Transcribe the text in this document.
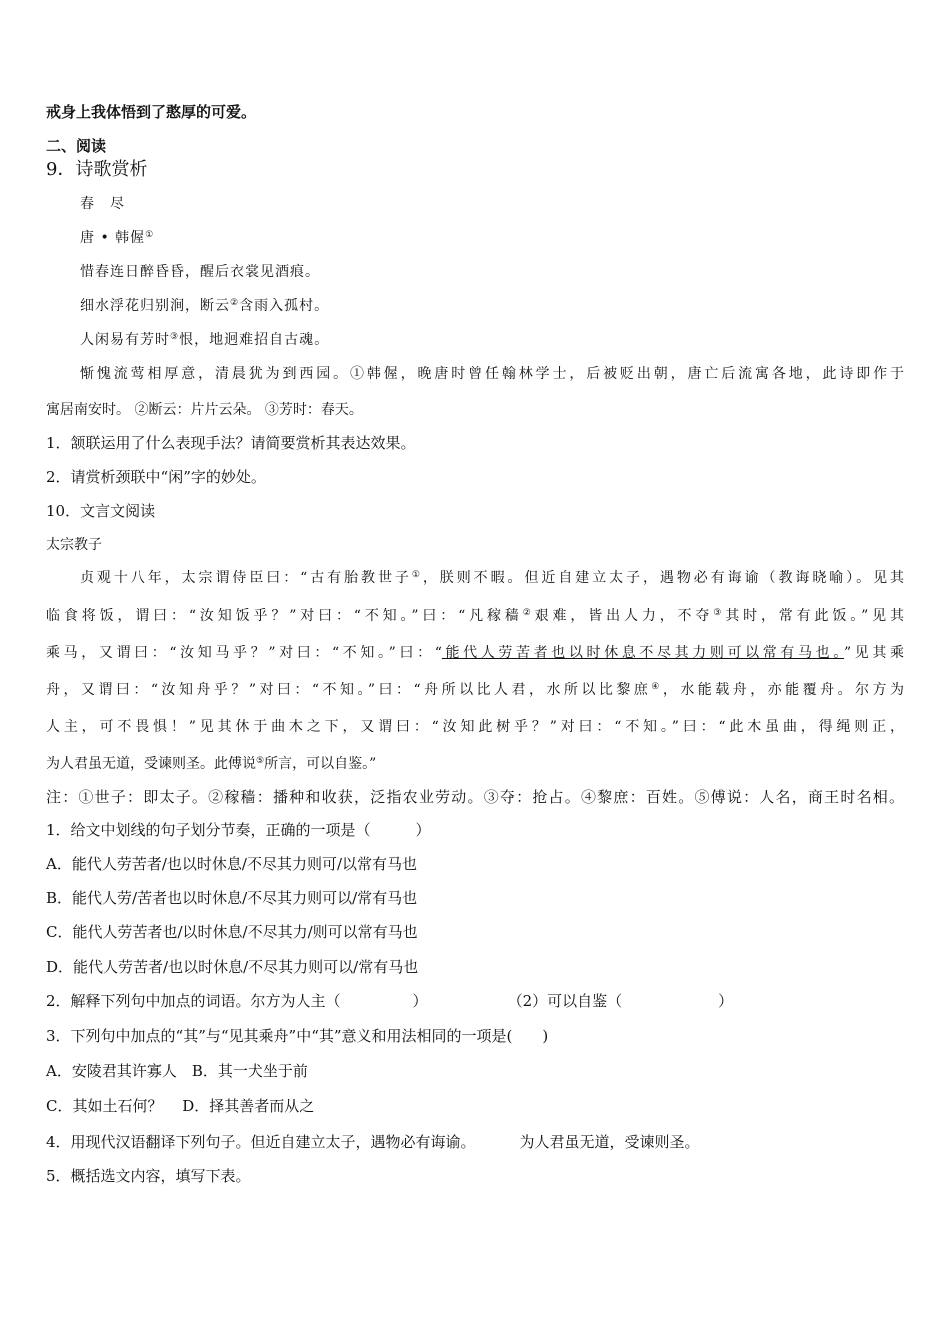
戒身上我体悟到了憨厚的可爱。
二、阅读
9．诗歌赏析
春　尽
唐 • 韩偓①
惜春连日醉昏昏，醒后衣裳见酒痕。
细水浮花归别涧，断云②含雨入孤村。
人闲易有芳时③恨，地迥难招自古魂。
惭愧流莺相厚意，清晨犹为到西园。①韩偓，晚唐时曾任翰林学士，后被贬出朝，唐亡后流寓各地，此诗即作于
寓居南安时。 ②断云：片片云朵。 ③芳时：春天。
1．颔联运用了什么表现手法？请简要赏析其表达效果。
2．请赏析颈联中“闲”字的妙处。
10．文言文阅读
太宗教子
贞观十八年，太宗谓侍臣曰：“古有胎教世子①，朕则不暇。但近自建立太子，遇物必有诲谕（教诲晓喻）。见其
临食将饭，谓曰：“汝知饭乎？”对曰：“不知。”曰：“凡稼穑②艰难，皆出人力，不夺③其时，常有此饭。”见其
乘马，又谓曰：“汝知马乎？”对曰：“不知。”曰：“能代人劳苦者也以时休息不尽其力则可以常有马也。”见其乘
舟，又谓曰：“汝知舟乎？”对曰：“不知。”曰：“舟所以比人君，水所以比黎庶④，水能载舟，亦能覆舟。尔方为
人主，可不畏惧！”见其休于曲木之下，又谓曰：“汝知此树乎？”对曰：“不知。”曰：“此木虽曲，得绳则正，
为人君虽无道，受谏则圣。此傅说⑤所言，可以自鉴。”
注：①世子：即太子。②稼穑：播种和收获，泛指农业劳动。③夺：抢占。④黎庶：百姓。⑤傅说：人名，商王时名相。
1．给文中划线的句子划分节奏，正确的一项是（　　　）
A．能代人劳苦者/也以时休息/不尽其力则可/以常有马也
B．能代人劳/苦者也以时休息/不尽其力则可以/常有马也
C．能代人劳苦者也/以时休息/不尽其力/则可以常有马也
D．能代人劳苦者/也以时休息/不尽其力则可以/常有马也
2．解释下列句中加点的词语。尔方为人主（	）	（2）可以自鉴（	）
3．下列句中加点的“其”与“见其乘舟”中“其”意义和用法相同的一项是(　　)
A．安陵君其许寡人　B．其一犬坐于前
C．其如土石何？　 D．择其善者而从之
4．用现代汉语翻译下列句子。但近自建立太子，遇物必有诲谕。	为人君虽无道，受谏则圣。
5．概括选文内容，填写下表。
